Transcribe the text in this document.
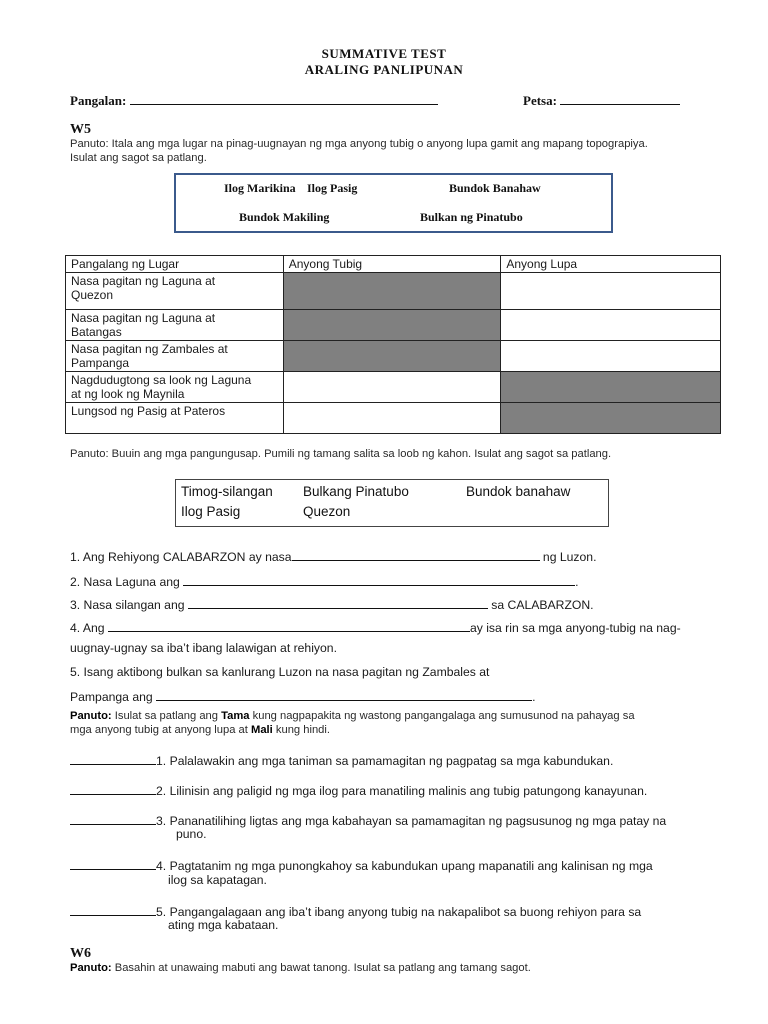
SUMMATIVE TEST
ARALING PANLIPUNAN
Pangalan:	Petsa:
W5
Panuto: Itala ang mga lugar na pinag-uugnayan ng mga anyong tubig o anyong lupa gamit ang mapang topograpiya.
Isulat ang sagot sa patlang.
Ilog Marikina Ilog Pasig	Bundok Banahaw
Bundok Makiling	Bulkan ng Pinatubo
Pangalang ng Lugar	Anyong Tubig	Anyong Lupa

Nasa pagitan ng Laguna at
Quezon		

Nasa pagitan ng Laguna at
Batangas		

Nasa pagitan ng Zambales at
Pampanga		

Nagdudugtong sa look ng Laguna
at ng look ng Maynila		

Lungsod ng Pasig at Pateros		

Panuto: Buuin ang mga pangungusap. Pumili ng tamang salita sa loob ng kahon. Isulat ang sagot sa patlang.
Timog-silangan Bulkang Pinatubo	Bundok banahaw
Ilog Pasig	Quezon
1. Ang Rehiyong CALABARZON ay nasa	ng Luzon.
2. Nasa Laguna ang	.
3. Nasa silangan ang	sa CALABARZON.
4. Ang	ay isa rin sa mga anyong-tubig na nag-
uugnay-ugnay sa iba’t ibang lalawigan at rehiyon.
5. Isang aktibong bulkan sa kanlurang Luzon na nasa pagitan ng Zambales at
Pampanga ang	.
Panuto: Isulat sa patlang ang Tama kung nagpapakita ng wastong pangangalaga ang sumusunod na pahayag sa
mga anyong tubig at anyong lupa at Mali kung hindi.
1. Palalawakin ang mga taniman sa pamamagitan ng pagpatag sa mga kabundukan.
2. Lilinisin ang paligid ng mga ilog para manatiling malinis ang tubig patungong kanayunan.
3. Pananatilihing ligtas ang mga kabahayan sa pamamagitan ng pagsusunog ng mga patay na
puno.
4. Pagtatanim ng mga punongkahoy sa kabundukan upang mapanatili ang kalinisan ng mga
ilog sa kapatagan.
5. Pangangalagaan ang iba’t ibang anyong tubig na nakapalibot sa buong rehiyon para sa
ating mga kabataan.
W6
Panuto: Basahin at unawaing mabuti ang bawat tanong. Isulat sa patlang ang tamang sagot.
